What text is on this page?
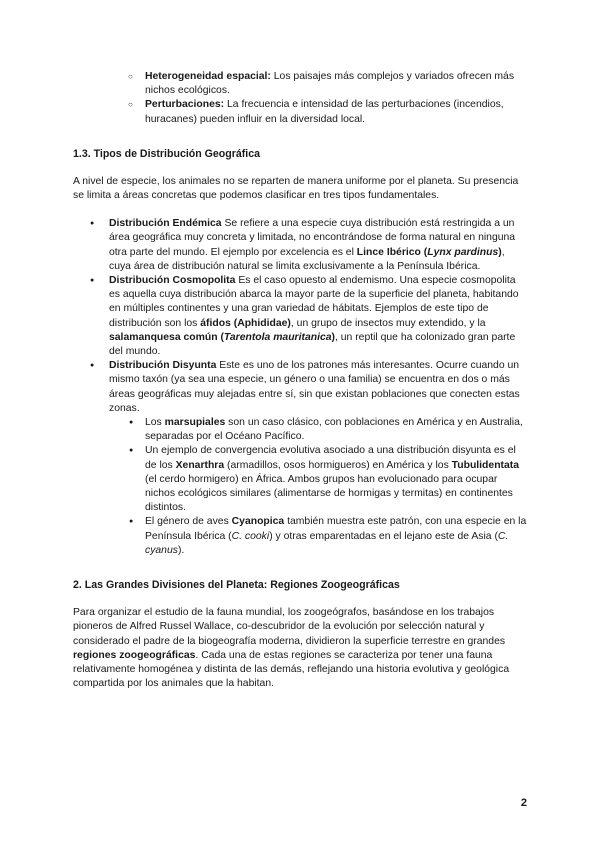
○ Heterogeneidad espacial: Los paisajes más complejos y variados ofrecen más nichos ecológicos.
○ Perturbaciones: La frecuencia e intensidad de las perturbaciones (incendios, huracanes) pueden influir en la diversidad local.
1.3. Tipos de Distribución Geográfica

A nivel de especie, los animales no se reparten de manera uniforme por el planeta. Su presencia se limita a áreas concretas que podemos clasificar en tres tipos fundamentales.

● Distribución Endémica Se refiere a una especie cuya distribución está restringida a un área geográfica muy concreta y limitada, no encontrándose de forma natural en ninguna otra parte del mundo. El ejemplo por excelencia es el Lince Ibérico (Lynx pardinus), cuya área de distribución natural se limita exclusivamente a la Península Ibérica.
● Distribución Cosmopolita Es el caso opuesto al endemismo. Una especie cosmopolita es aquella cuya distribución abarca la mayor parte de la superficie del planeta, habitando en múltiples continentes y una gran variedad de hábitats. Ejemplos de este tipo de distribución son los áfidos (Aphididae), un grupo de insectos muy extendido, y la salamanquesa común (Tarentola mauritanica), un reptil que ha colonizado gran parte del mundo.
● Distribución Disyunta Este es uno de los patrones más interesantes. Ocurre cuando un mismo taxón (ya sea una especie, un género o una familia) se encuentra en dos o más áreas geográficas muy alejadas entre sí, sin que existan poblaciones que conecten estas zonas.
● Los marsupiales son un caso clásico, con poblaciones en América y en Australia, separadas por el Océano Pacífico.
● Un ejemplo de convergencia evolutiva asociado a una distribución disyunta es el de los Xenarthra (armadillos, osos hormigueros) en América y los Tubulidentata (el cerdo hormigero) en África. Ambos grupos han evolucionado para ocupar nichos ecológicos similares (alimentarse de hormigas y termitas) en continentes distintos.
● El género de aves Cyanopica también muestra este patrón, con una especie en la Península Ibérica (C. cooki) y otras emparentadas en el lejano este de Asia (C. cyanus).
2. Las Grandes Divisiones del Planeta: Regiones Zoogeográficas

Para organizar el estudio de la fauna mundial, los zoogeógrafos, basándose en los trabajos pioneros de Alfred Russel Wallace, co-descubridor de la evolución por selección natural y considerado el padre de la biogeografía moderna, dividieron la superficie terrestre en grandes regiones zoogeográficas. Cada una de estas regiones se caracteriza por tener una fauna relativamente homogénea y distinta de las demás, reflejando una historia evolutiva y geológica compartida por los animales que la habitan.

2
